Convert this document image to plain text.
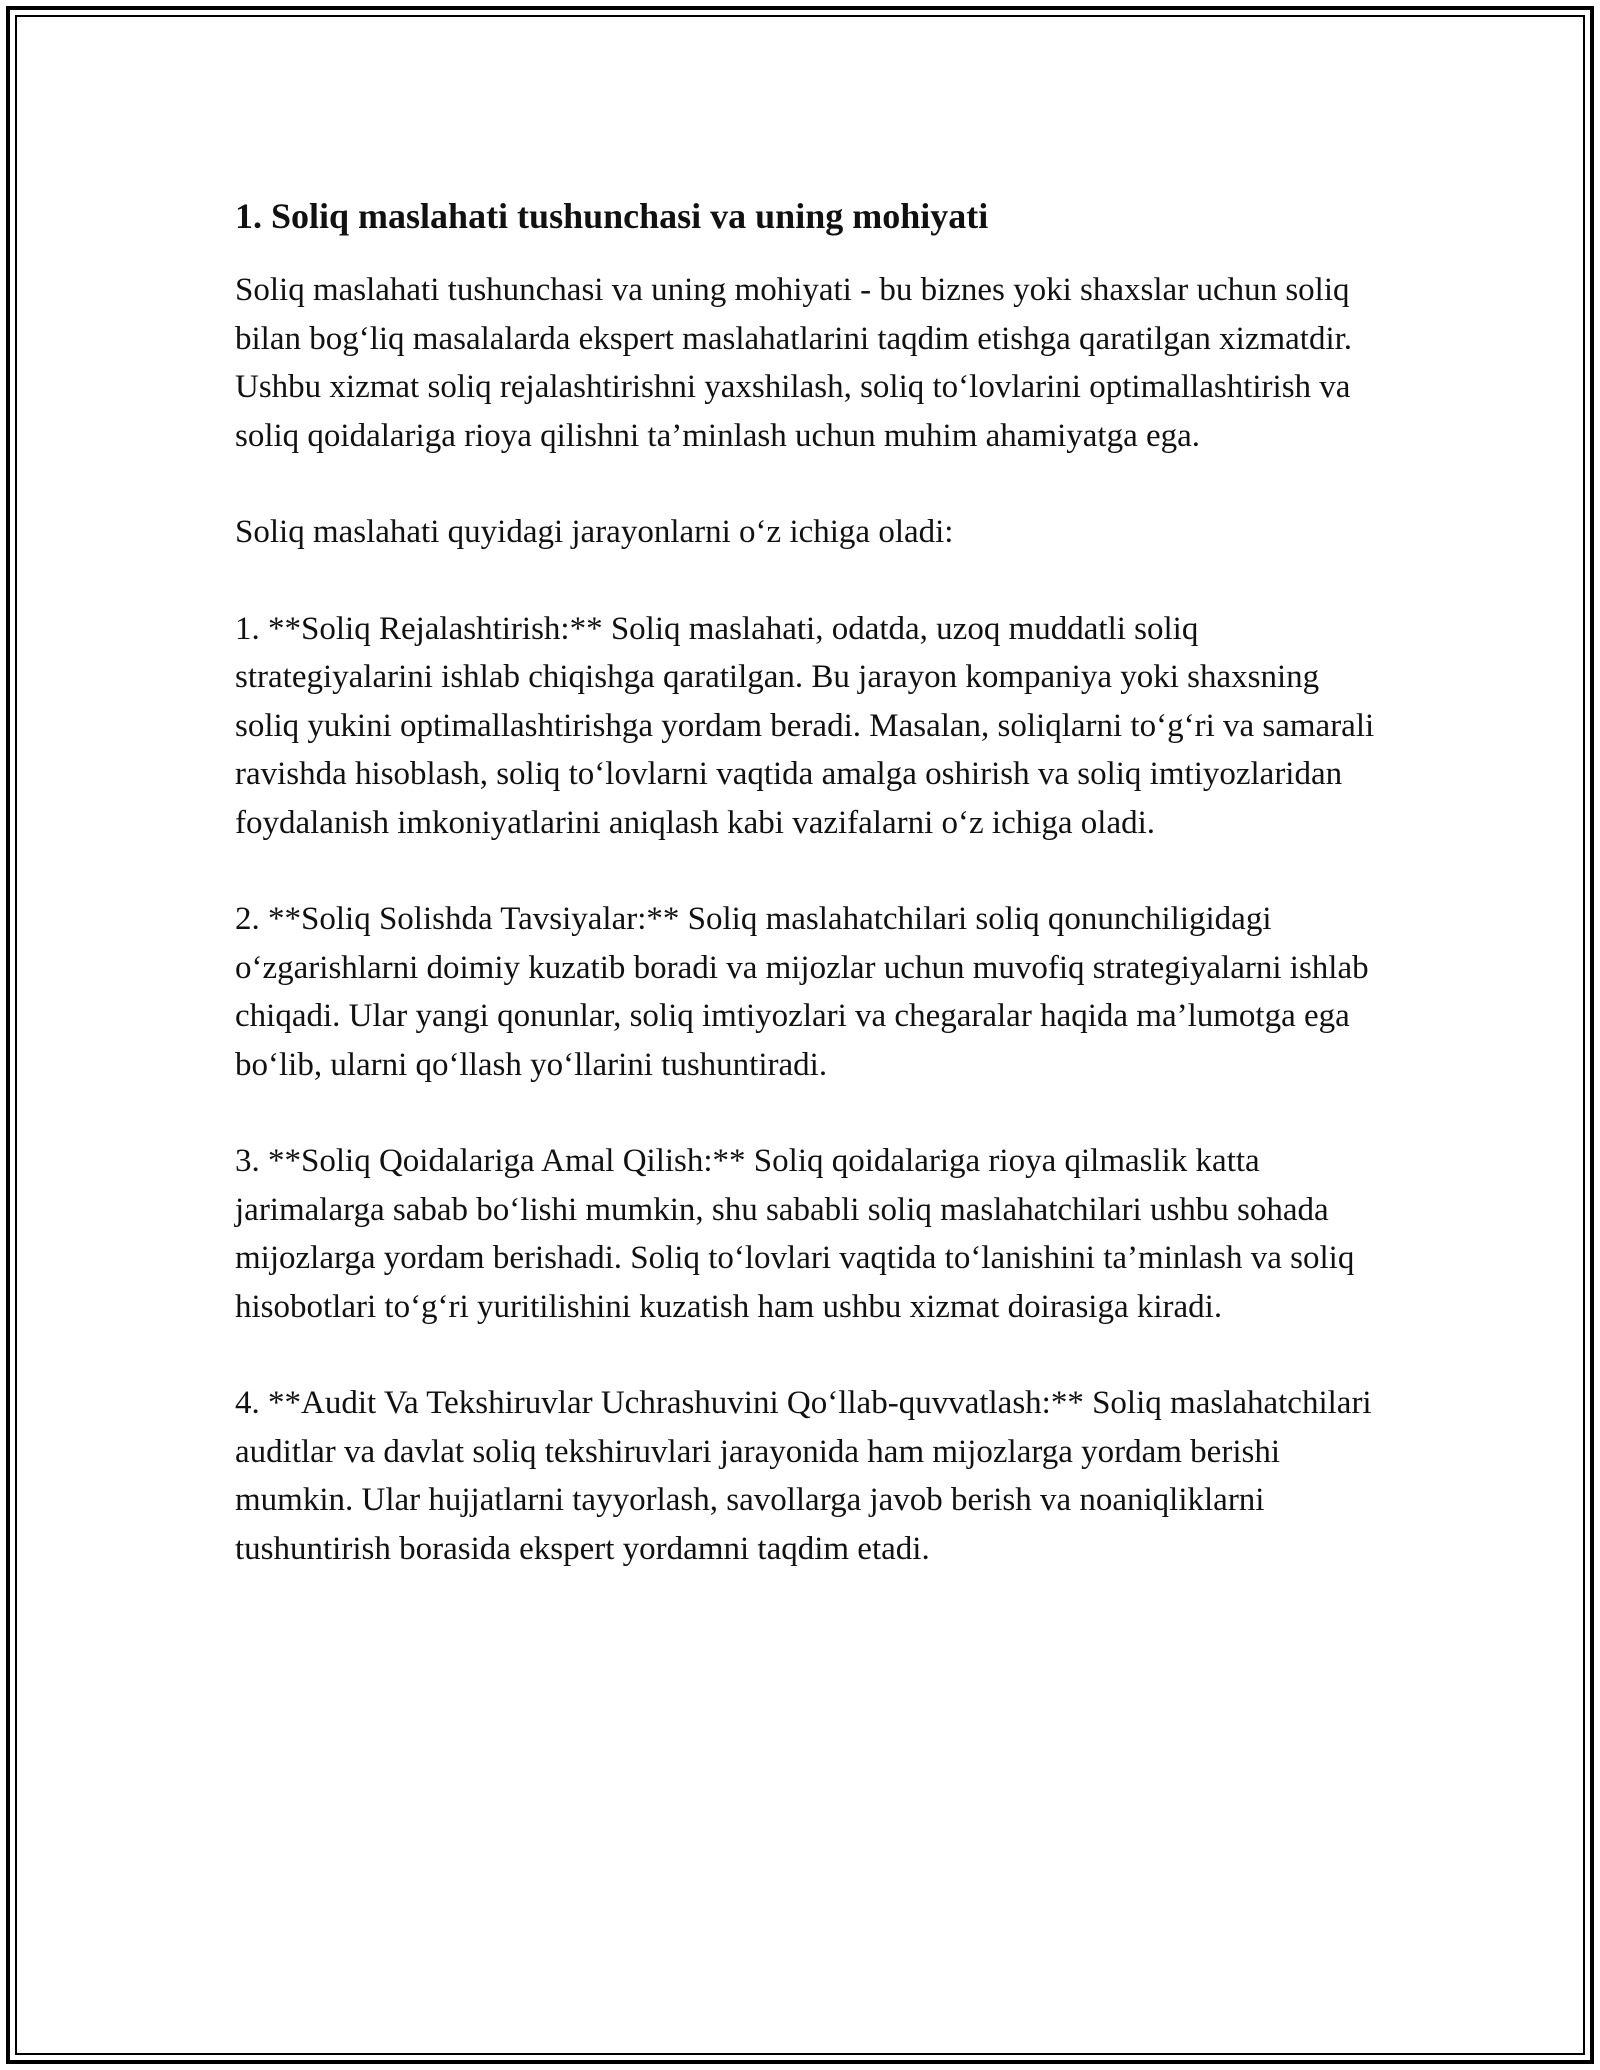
1. Soliq maslahati tushunchasi va uning mohiyati

Soliq maslahati tushunchasi va uning mohiyati - bu biznes yoki shaxslar uchun soliq bilan bog‘liq masalalarda ekspert maslahatlarini taqdim etishga qaratilgan xizmatdir. Ushbu xizmat soliq rejalashtirishni yaxshilash, soliq to‘lovlarini optimallashtirish va soliq qoidalariga rioya qilishni ta’minlash uchun muhim ahamiyatga ega.

Soliq maslahati quyidagi jarayonlarni o‘z ichiga oladi:

1. **Soliq Rejalashtirish:** Soliq maslahati, odatda, uzoq muddatli soliq strategiyalarini ishlab chiqishga qaratilgan. Bu jarayon kompaniya yoki shaxsning soliq yukini optimallashtirishga yordam beradi. Masalan, soliqlarni to‘g‘ri va samarali ravishda hisoblash, soliq to‘lovlarni vaqtida amalga oshirish va soliq imtiyozlaridan foydalanish imkoniyatlarini aniqlash kabi vazifalarni o‘z ichiga oladi.

2. **Soliq Solishda Tavsiyalar:** Soliq maslahatchilari soliq qonunchiligidagi o‘zgarishlarni doimiy kuzatib boradi va mijozlar uchun muvofiq strategiyalarni ishlab chiqadi. Ular yangi qonunlar, soliq imtiyozlari va chegaralar haqida ma’lumotga ega bo‘lib, ularni qo‘llash yo‘llarini tushuntiradi.

3. **Soliq Qoidalariga Amal Qilish:** Soliq qoidalariga rioya qilmaslik katta jarimalarga sabab bo‘lishi mumkin, shu sababli soliq maslahatchilari ushbu sohada mijozlarga yordam berishadi. Soliq to‘lovlari vaqtida to‘lanishini ta’minlash va soliq hisobotlari to‘g‘ri yuritilishini kuzatish ham ushbu xizmat doirasiga kiradi.

4. **Audit Va Tekshiruvlar Uchrashuvini Qo‘llab-quvvatlash:** Soliq maslahatchilari auditlar va davlat soliq tekshiruvlari jarayonida ham mijozlarga yordam berishi mumkin. Ular hujjatlarni tayyorlash, savollarga javob berish va noaniqliklarni tushuntirish borasida ekspert yordamni taqdim etadi.
